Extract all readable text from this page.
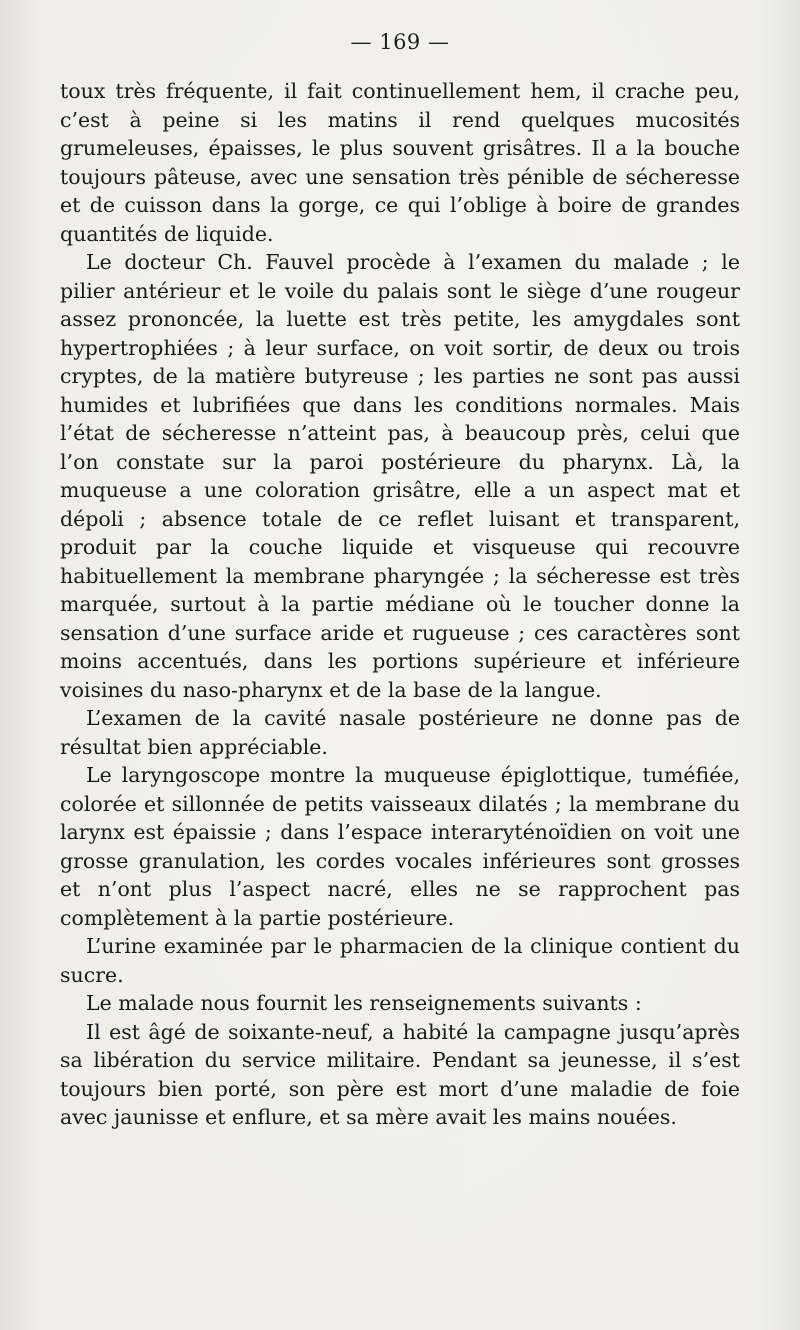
— 169 —

toux très fréquente, il fait continuellement hem, il crache peu, c’est à peine si les matins il rend quelques mucosités grumeleuses, épaisses, le plus souvent grisâtres. Il a la bouche toujours pâteuse, avec une sensation très pénible de sécheresse et de cuisson dans la gorge, ce qui l’oblige à boire de grandes quantités de liquide.

Le docteur Ch. Fauvel procède à l’examen du malade ; le pilier antérieur et le voile du palais sont le siège d’une rougeur assez prononcée, la luette est très petite, les amygdales sont hypertrophiées ; à leur surface, on voit sortir, de deux ou trois cryptes, de la matière butyreuse ; les parties ne sont pas aussi humides et lubrifiées que dans les conditions normales. Mais l’état de sécheresse n’atteint pas, à beaucoup près, celui que l’on constate sur la paroi postérieure du pharynx. Là, la muqueuse a une coloration grisâtre, elle a un aspect mat et dépoli ; absence totale de ce reflet luisant et transparent, produit par la couche liquide et visqueuse qui recouvre habituellement la membrane pharyngée ; la sécheresse est très marquée, surtout à la partie médiane où le toucher donne la sensation d’une surface aride et rugueuse ; ces caractères sont moins accentués, dans les portions supérieure et inférieure voisines du naso-pharynx et de la base de la langue.

L’examen de la cavité nasale postérieure ne donne pas de résultat bien appréciable.

Le laryngoscope montre la muqueuse épiglottique, tuméfiée, colorée et sillonnée de petits vaisseaux dilatés ; la membrane du larynx est épaissie ; dans l’espace interaryténoïdien on voit une grosse granulation, les cordes vocales inférieures sont grosses et n’ont plus l’aspect nacré, elles ne se rapprochent pas complètement à la partie postérieure.

L’urine examinée par le pharmacien de la clinique contient du sucre.

Le malade nous fournit les renseignements suivants :

Il est âgé de soixante-neuf, a habité la campagne jusqu’après sa libération du service militaire. Pendant sa jeunesse, il s’est toujours bien porté, son père est mort d’une maladie de foie avec jaunisse et enflure, et sa mère avait les mains nouées.
